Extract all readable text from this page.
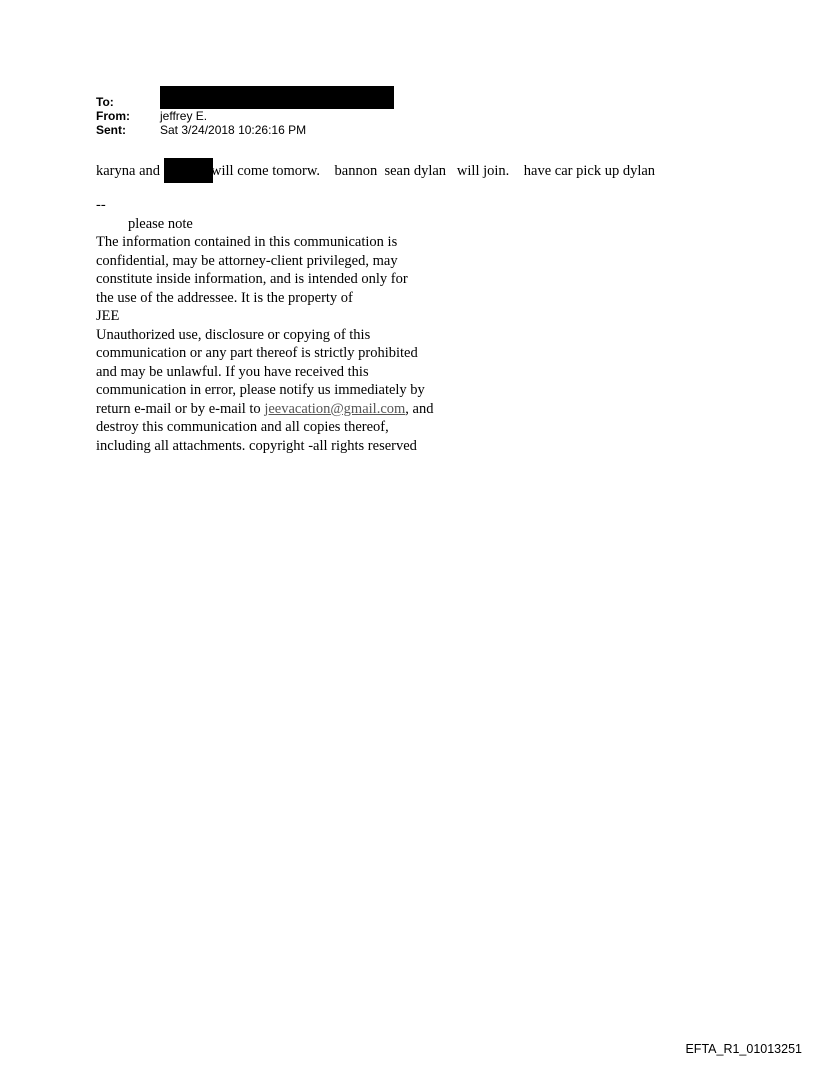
To:
From:	jeffrey E.
Sent:	Sat 3/24/2018 10:26:16 PM
karyna and	will come tomorw.    bannon  sean dylan   will join.    have car pick up dylan
--
please note
The information contained in this communication is
confidential, may be attorney-client privileged, may
constitute inside information, and is intended only for
the use of the addressee. It is the property of
JEE
Unauthorized use, disclosure or copying of this
communication or any part thereof is strictly prohibited
and may be unlawful. If you have received this
communication in error, please notify us immediately by
return e-mail or by e-mail to jeevacation@gmail.com, and
destroy this communication and all copies thereof,
including all attachments. copyright -all rights reserved
EFTA_R1_01013251
